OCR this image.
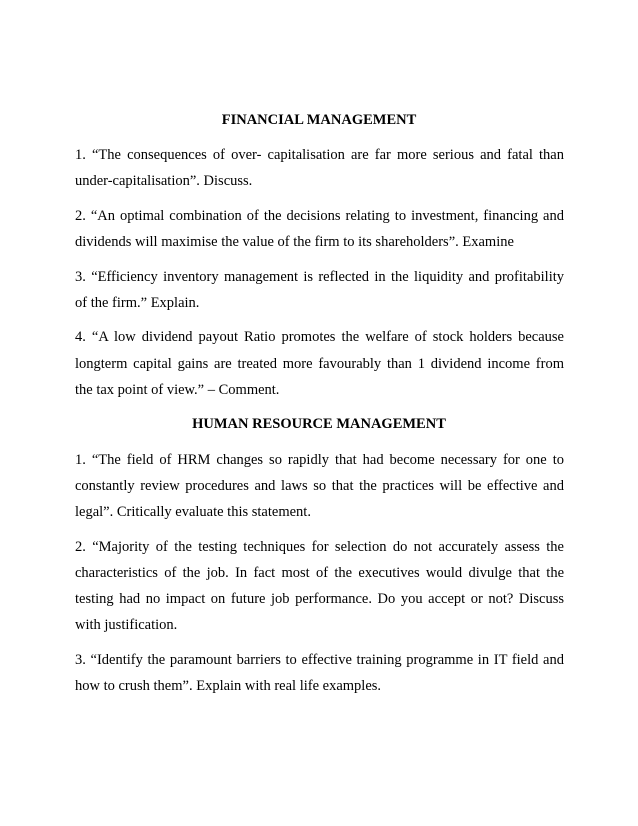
FINANCIAL MANAGEMENT
1. “The consequences of over- capitalisation are far more serious and fatal than
under-capitalisation”. Discuss.
2. “An optimal combination of the decisions relating to investment, financing and
dividends will maximise the value of the firm to its shareholders”. Examine
3. “Efficiency inventory management is reflected in the liquidity and profitability
of the firm.” Explain.
4. “A low dividend payout Ratio promotes the welfare of stock holders because
longterm capital gains are treated more favourably than 1 dividend income from
the tax point of view.” – Comment.
HUMAN RESOURCE MANAGEMENT
1. “The field of HRM changes so rapidly that had become necessary for one to
constantly review procedures and laws so that the practices will be effective and
legal”. Critically evaluate this statement.
2. “Majority of the testing techniques for selection do not accurately assess the
characteristics of the job. In fact most of the executives would divulge that the
testing had no impact on future job performance. Do you accept or not? Discuss
with justification.
3. “Identify the paramount barriers to effective training programme in IT field and
how to crush them”. Explain with real life examples.
